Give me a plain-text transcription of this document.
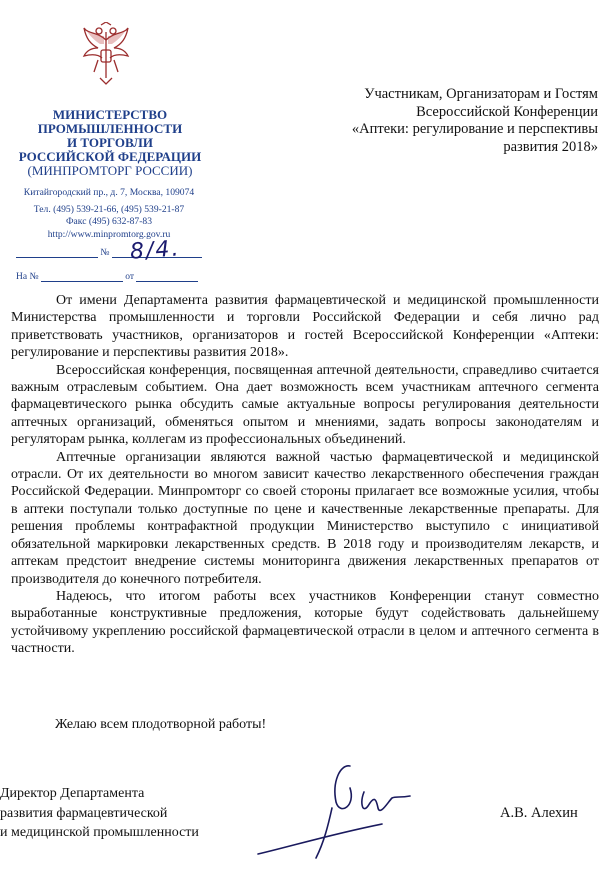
МИНИСТЕРСТВО
ПРОМЫШЛЕННОСТИ
И ТОРГОВЛИ
РОССИЙСКОЙ ФЕДЕРАЦИИ
(МИНПРОМТОРГ РОССИИ)
Китайгородский пр., д. 7, Москва, 109074
Тел. (495) 539-21-66, (495) 539-21-87
Факс (495) 632-87-83
http://www.minpromtorg.gov.ru
№ 8/4.
На №	от
Участникам, Организаторам и Гостям
Всероссийской Конференции
«Аптеки: регулирование и перспективы
развития 2018»

От имени Департамента развития фармацевтической и медицинской промышленности Министерства промышленности и торговли Российской Федерации и себя лично рад приветствовать участников, организаторов и гостей Всероссийской Конференции «Аптеки: регулирование и перспективы развития 2018».

Всероссийская конференция, посвященная аптечной деятельности, справедливо считается важным отраслевым событием. Она дает возможность всем участникам аптечного сегмента фармацевтического рынка обсудить самые актуальные вопросы регулирования деятельности аптечных организаций, обменяться опытом и мнениями, задать вопросы законодателям и регуляторам рынка, коллегам из профессиональных объединений.

Аптечные организации являются важной частью фармацевтической и медицинской отрасли. От их деятельности во многом зависит качество лекарственного обеспечения граждан Российской Федерации. Минпромторг со своей стороны прилагает все возможные усилия, чтобы в аптеки поступали только доступные по цене и качественные лекарственные препараты. Для решения проблемы контрафактной продукции Министерство выступило с инициативой обязательной маркировки лекарственных средств. В 2018 году и производителям лекарств, и аптекам предстоит внедрение системы мониторинга движения лекарственных препаратов от производителя до конечного потребителя.

Надеюсь, что итогом работы всех участников Конференции станут совместно выработанные конструктивные предложения, которые будут содействовать дальнейшему устойчивому укреплению российской фармацевтической отрасли в целом и аптечного сегмента в частности.

Желаю всем плодотворной работы!
Директор Департамента
развития фармацевтической
и медицинской промышленности
А.В. Алехин
